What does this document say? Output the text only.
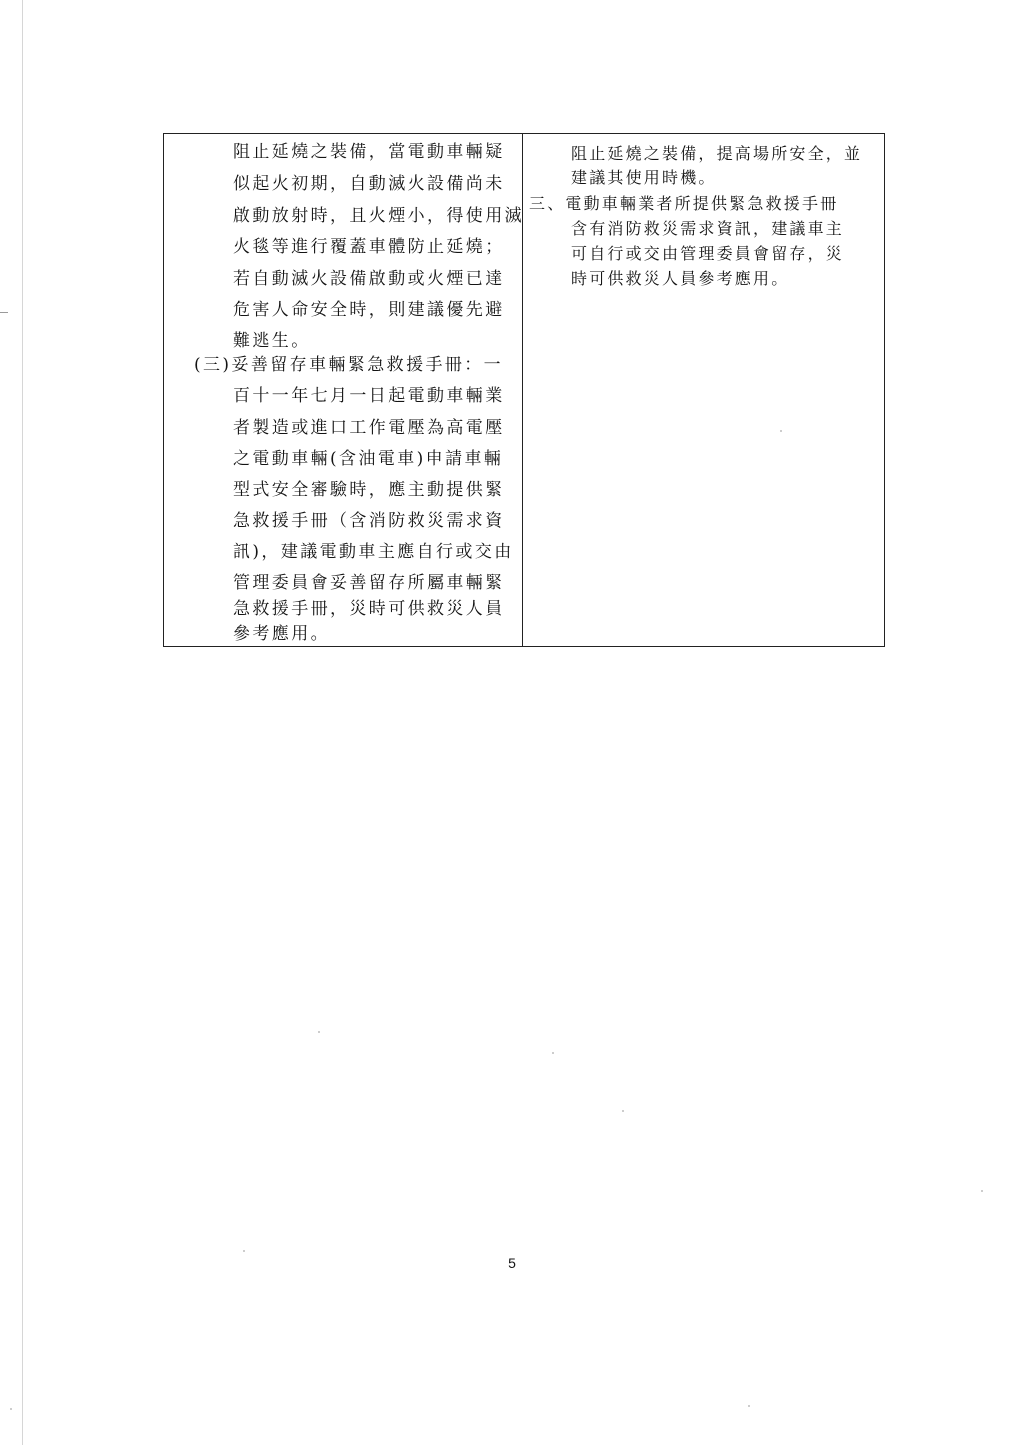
阻止延燒之裝備，當電動車輛疑
似起火初期，自動滅火設備尚未
啟動放射時，且火煙小，得使用滅
火毯等進行覆蓋車體防止延燒；
若自動滅火設備啟動或火煙已達
危害人命安全時，則建議優先避
難逃生。
(三)妥善留存車輛緊急救援手冊：一
百十一年七月一日起電動車輛業
者製造或進口工作電壓為高電壓
之電動車輛(含油電車)申請車輛
型式安全審驗時，應主動提供緊
急救援手冊（含消防救災需求資
訊)，建議電動車主應自行或交由
管理委員會妥善留存所屬車輛緊
急救援手冊，災時可供救災人員
參考應用。
阻止延燒之裝備，提高場所安全，並
建議其使用時機。
三、電動車輛業者所提供緊急救援手冊
含有消防救災需求資訊，建議車主
可自行或交由管理委員會留存，災
時可供救災人員參考應用。
5
